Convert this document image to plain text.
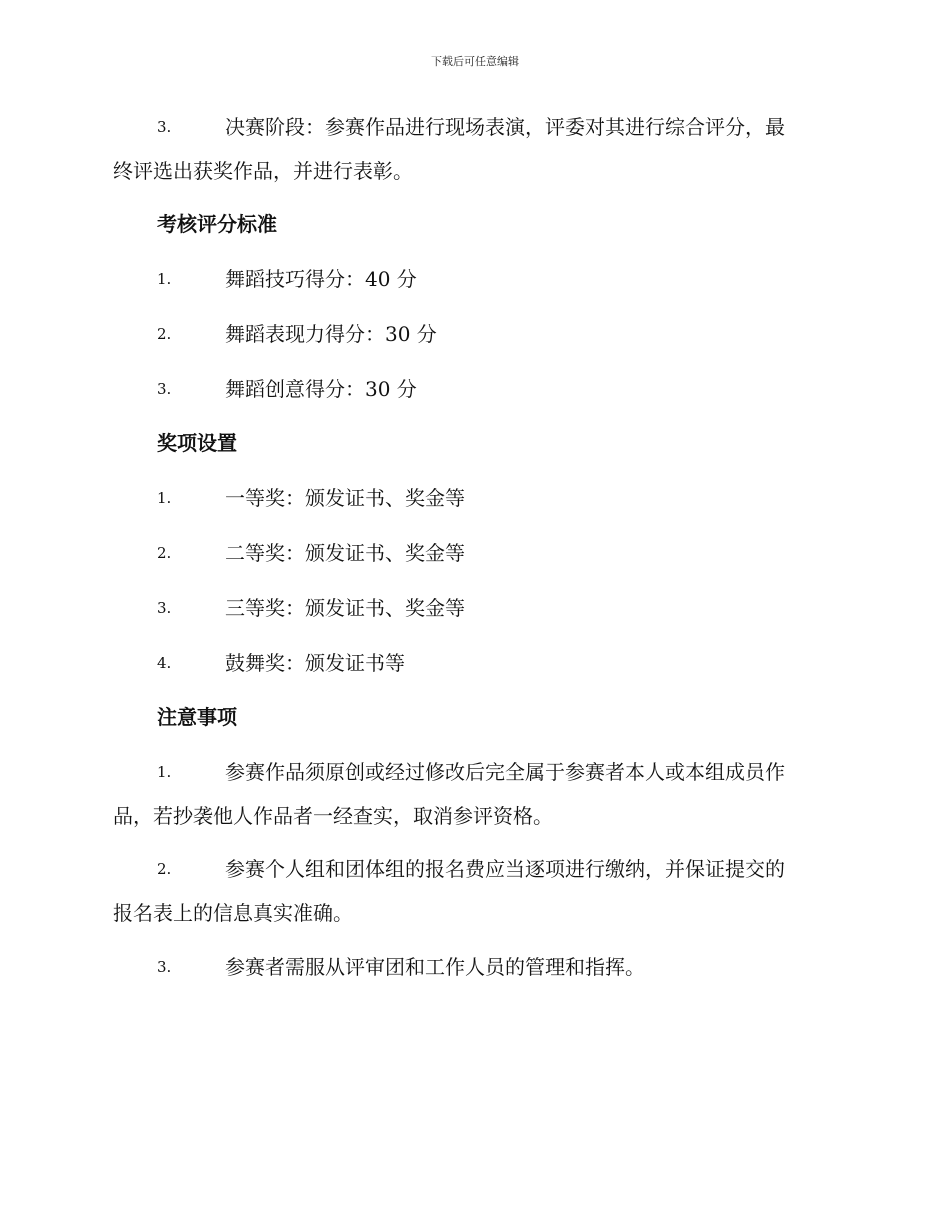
下载后可任意编辑
3.	决赛阶段：参赛作品进行现场表演，评委对其进行综合评分，最
终评选出获奖作品，并进行表彰。
考核评分标准
1.	舞蹈技巧得分：40 分
2.	舞蹈表现力得分：30 分
3.	舞蹈创意得分：30 分
奖项设置
1.	一等奖：颁发证书、奖金等
2.	二等奖：颁发证书、奖金等
3.	三等奖：颁发证书、奖金等
4.	鼓舞奖：颁发证书等
注意事项
1.	参赛作品须原创或经过修改后完全属于参赛者本人或本组成员作
品，若抄袭他人作品者一经查实，取消参评资格。
2.	参赛个人组和团体组的报名费应当逐项进行缴纳，并保证提交的
报名表上的信息真实准确。
3.	参赛者需服从评审团和工作人员的管理和指挥。
